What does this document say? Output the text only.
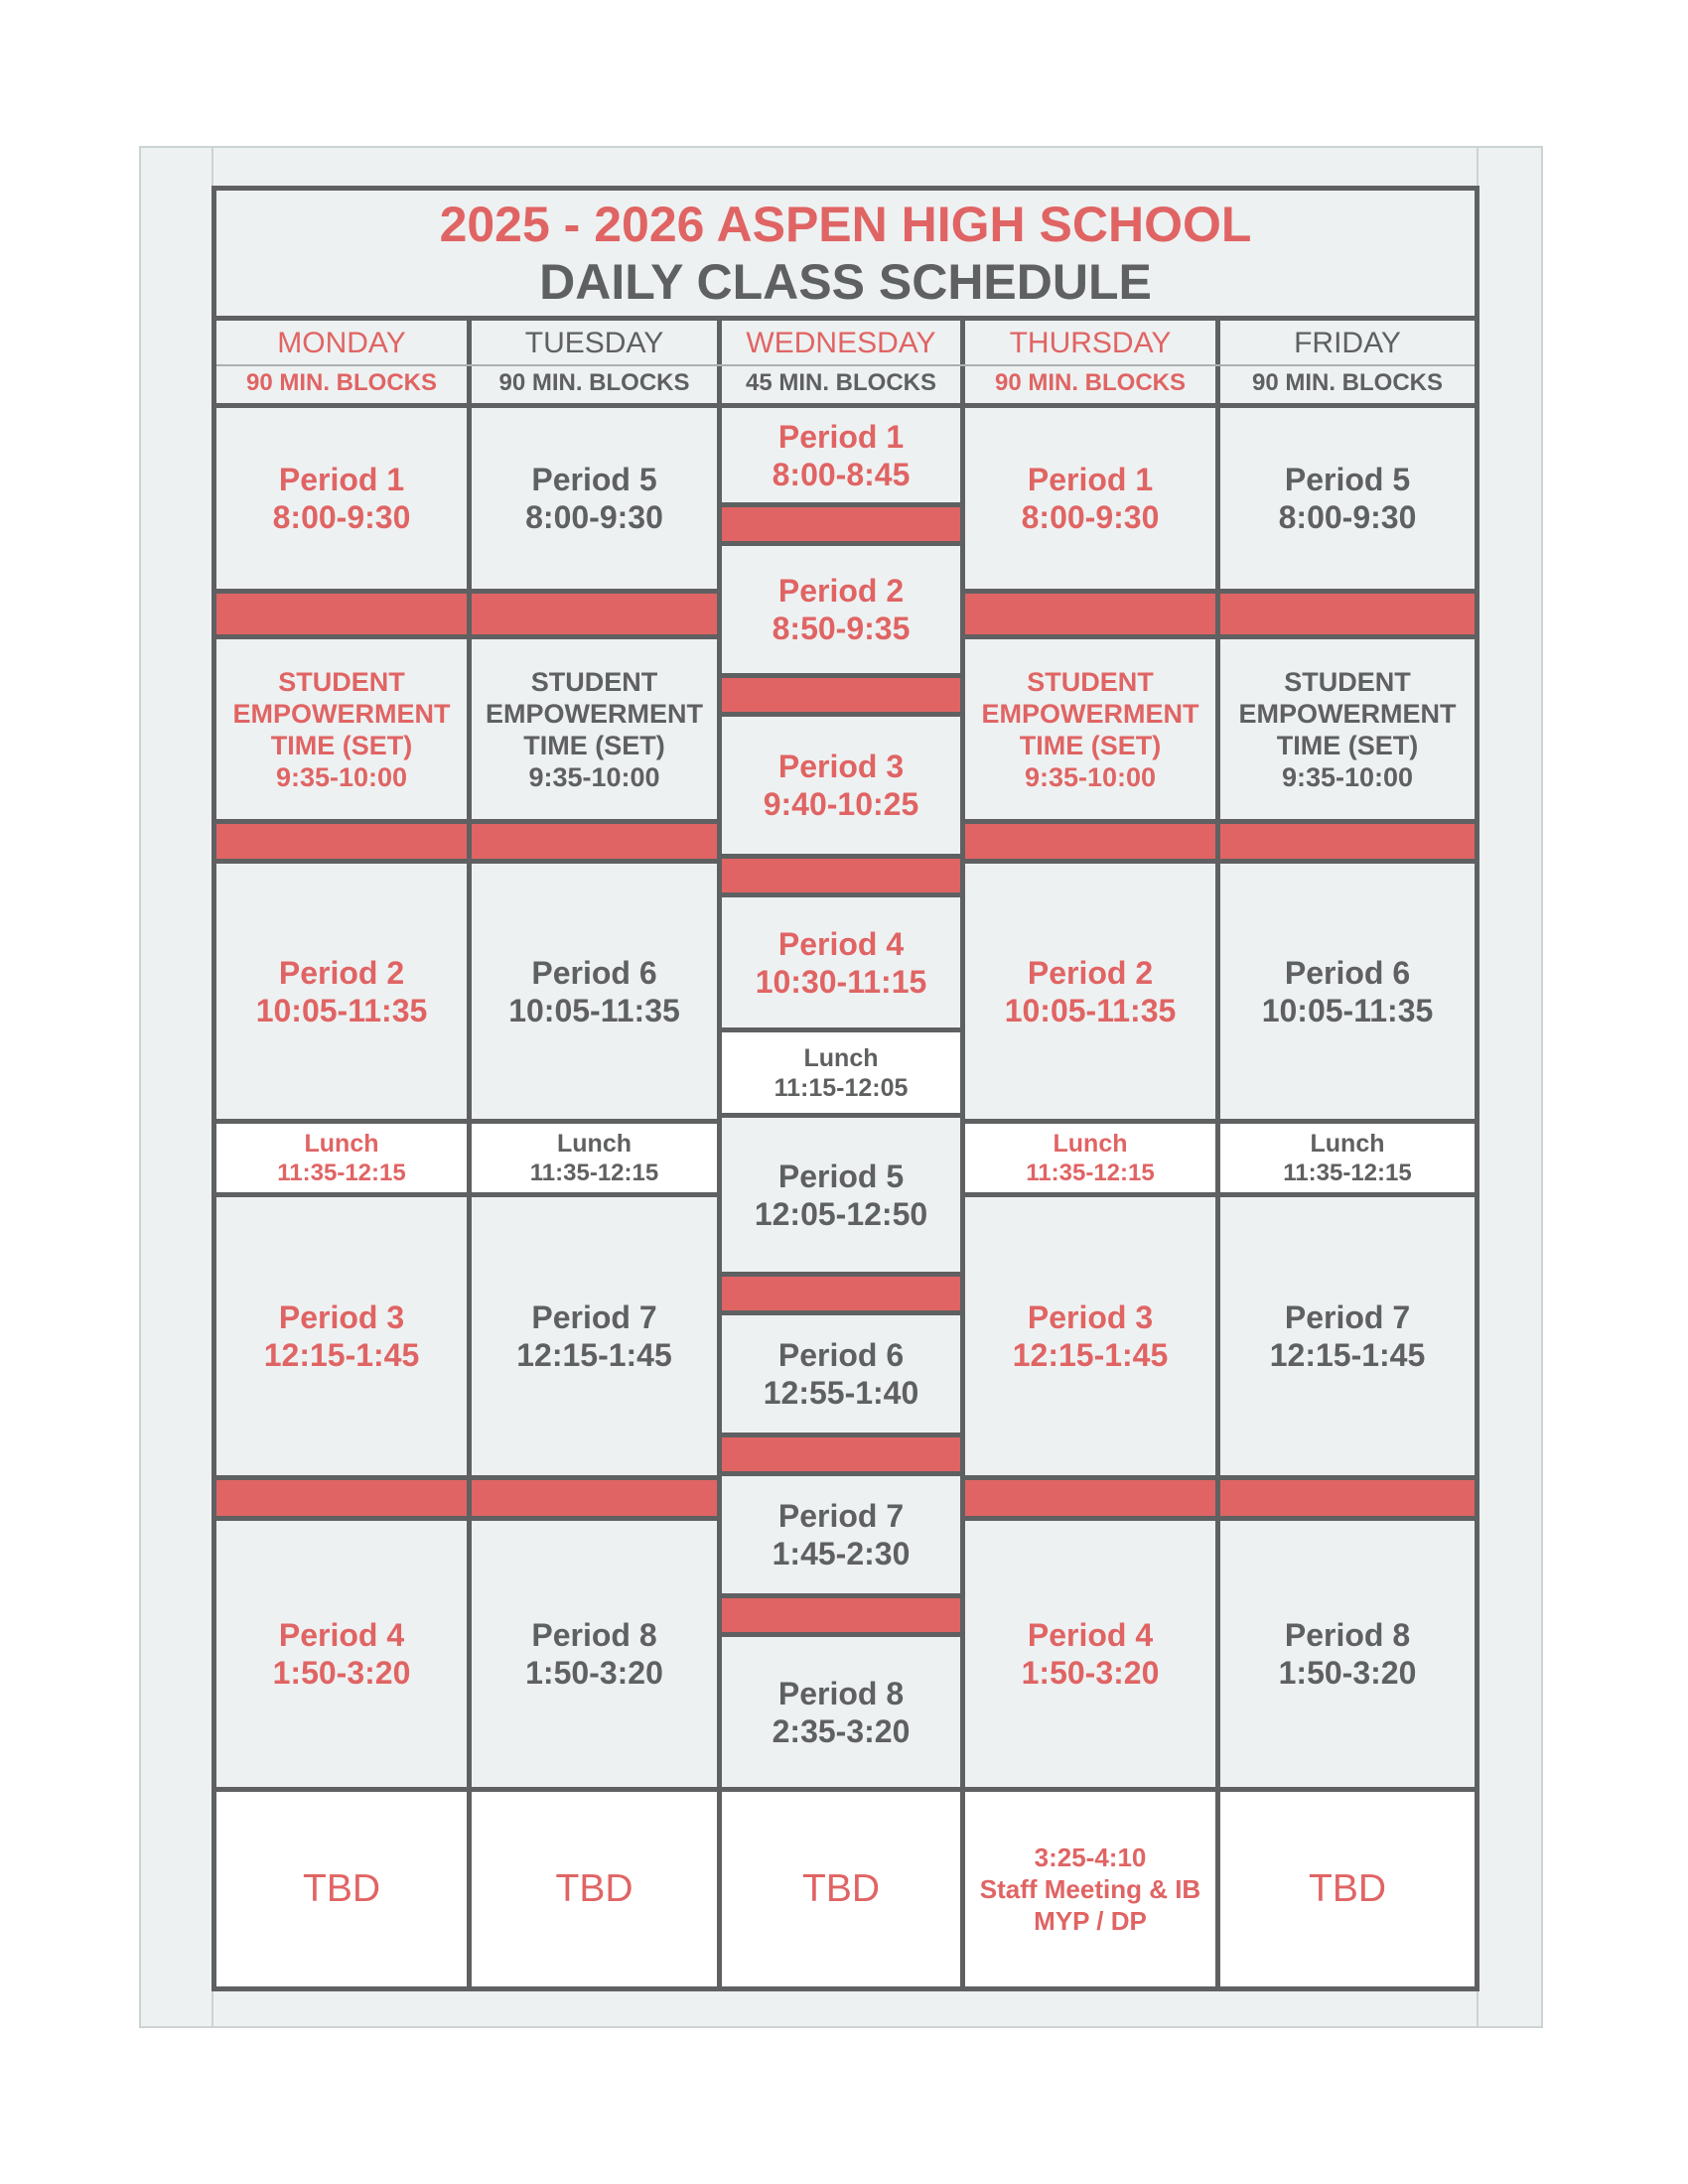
2025 - 2026 ASPEN HIGH SCHOOL
DAILY CLASS SCHEDULE
MONDAY
90 MIN. BLOCKS
TUESDAY
90 MIN. BLOCKS
WEDNESDAY
45 MIN. BLOCKS
THURSDAY
90 MIN. BLOCKS
FRIDAY
90 MIN. BLOCKS
Period 1
8:00-9:30
STUDENT
EMPOWERMENT
TIME (SET)
9:35-10:00
Period 2
10:05-11:35
Lunch
11:35-12:15
Period 3
12:15-1:45
Period 4
1:50-3:20
TBD
Period 5
8:00-9:30
STUDENT
EMPOWERMENT
TIME (SET)
9:35-10:00
Period 6
10:05-11:35
Lunch
11:35-12:15
Period 7
12:15-1:45
Period 8
1:50-3:20
TBD
Period 1
8:00-8:45
Period 2
8:50-9:35
Period 3
9:40-10:25
Period 4
10:30-11:15
Lunch
11:15-12:05
Period 5
12:05-12:50
Period 6
12:55-1:40
Period 7
1:45-2:30
Period 8
2:35-3:20
TBD
Period 1
8:00-9:30
STUDENT
EMPOWERMENT
TIME (SET)
9:35-10:00
Period 2
10:05-11:35
Lunch
11:35-12:15
Period 3
12:15-1:45
Period 4
1:50-3:20
3:25-4:10
Staff Meeting & IB
MYP / DP
Period 5
8:00-9:30
STUDENT
EMPOWERMENT
TIME (SET)
9:35-10:00
Period 6
10:05-11:35
Lunch
11:35-12:15
Period 7
12:15-1:45
Period 8
1:50-3:20
TBD
